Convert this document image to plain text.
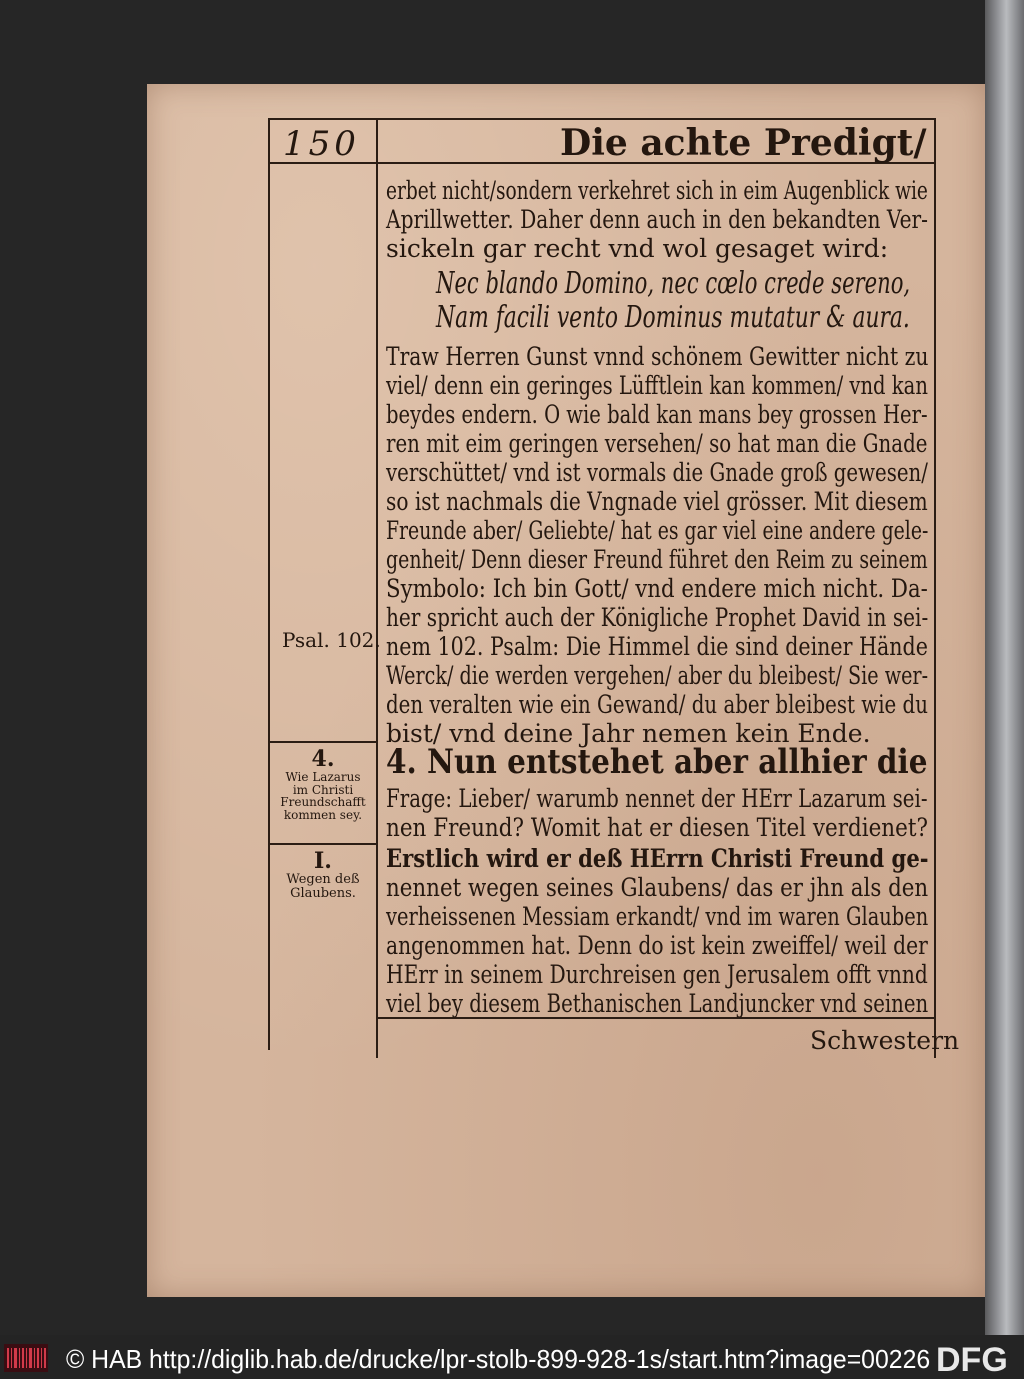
150	Die achte Predigt/
erbet nicht/sondern verkehret sich in eim Augenblick wie
Aprillwetter. Daher denn auch in den bekandten Ver-
sickeln gar recht vnd wol gesaget wird:
Nec blando Domino, nec cœlo crede sereno,
Nam facili vento Dominus mutatur & aura.
Traw Herren Gunst vnnd schönem Gewitter nicht zu
viel/ denn ein geringes Lüfftlein kan kommen/ vnd kan
beydes endern. O wie bald kan mans bey grossen Her-
ren mit eim geringen versehen/ so hat man die Gnade
verschüttet/ vnd ist vormals die Gnade groß gewesen/
so ist nachmals die Vngnade viel grösser. Mit diesem
Freunde aber/ Geliebte/ hat es gar viel eine andere gele-
genheit/ Denn dieser Freund führet den Reim zu seinem
Symbolo: Ich bin Gott/ vnd endere mich nicht. Da-
her spricht auch der Königliche Prophet David in sei-
nem 102. Psalm: Die Himmel die sind deiner Hände
Werck/ die werden vergehen/ aber du bleibest/ Sie wer-
den veralten wie ein Gewand/ du aber bleibest wie du
bist/ vnd deine Jahr nemen kein Ende.
4. Nun entstehet aber allhier die
Frage: Lieber/ warumb nennet der HErr Lazarum sei-
nen Freund? Womit hat er diesen Titel verdienet?
Erstlich wird er deß HErrn Christi Freund ge-
nennet wegen seines Glaubens/ das er jhn als den
verheissenen Messiam erkandt/ vnd im waren Glauben
angenommen hat. Denn do ist kein zweiffel/ weil der
HErr in seinem Durchreisen gen Jerusalem offt vnnd
viel bey diesem Bethanischen Landjuncker vnd seinen
Schwestern
Psal. 102.
4.
Wie Lazarus
im Christi
Freundschafft
kommen sey.
I.
Wegen deß
Glaubens.
© HAB http://diglib.hab.de/drucke/lpr-stolb-899-928-1s/start.htm?image=00226 DFG
